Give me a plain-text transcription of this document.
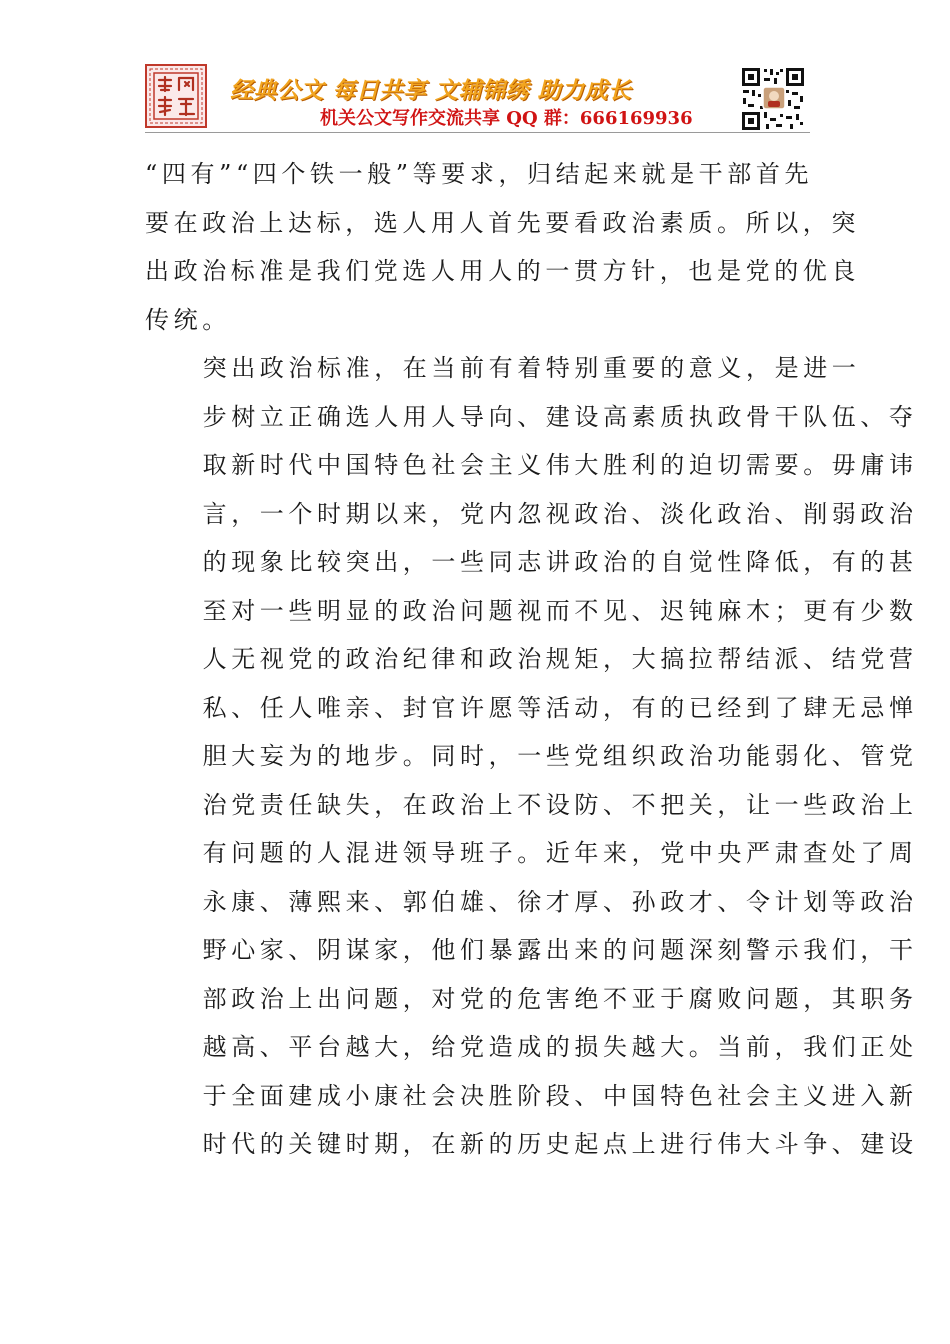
经典公文 每日共享 文辅锦绣 助力成长
机关公文写作交流共享 QQ 群：666169936

“四有”“四个铁一般”等要求，归结起来就是干部首先
要在政治上达标，选人用人首先要看政治素质。所以，突
出政治标准是我们党选人用人的一贯方针，也是党的优良
传统。

突出政治标准，在当前有着特别重要的意义，是进一
步树立正确选人用人导向、建设高素质执政骨干队伍、夺
取新时代中国特色社会主义伟大胜利的迫切需要。毋庸讳
言，一个时期以来，党内忽视政治、淡化政治、削弱政治
的现象比较突出，一些同志讲政治的自觉性降低，有的甚
至对一些明显的政治问题视而不见、迟钝麻木；更有少数
人无视党的政治纪律和政治规矩，大搞拉帮结派、结党营
私、任人唯亲、封官许愿等活动，有的已经到了肆无忌惮
胆大妄为的地步。同时，一些党组织政治功能弱化、管党
治党责任缺失，在政治上不设防、不把关，让一些政治上
有问题的人混进领导班子。近年来，党中央严肃查处了周
永康、薄熙来、郭伯雄、徐才厚、孙政才、令计划等政治
野心家、阴谋家，他们暴露出来的问题深刻警示我们，干
部政治上出问题，对党的危害绝不亚于腐败问题，其职务
越高、平台越大，给党造成的损失越大。当前，我们正处
于全面建成小康社会决胜阶段、中国特色社会主义进入新
时代的关键时期，在新的历史起点上进行伟大斗争、建设
